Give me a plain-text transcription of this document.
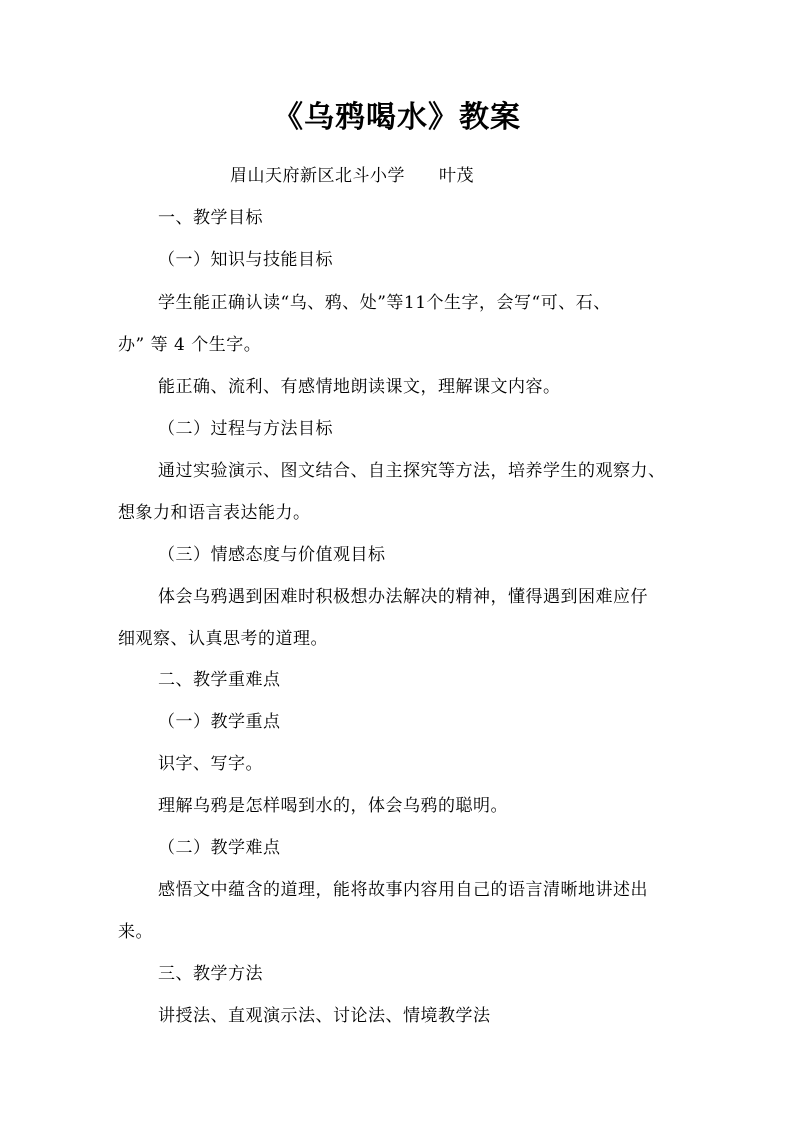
《乌鸦喝水》教案
眉山天府新区北斗小学 叶茂
一、教学目标
（一）知识与技能目标
学生能正确认读“乌、鸦、处”等11个生字，会写“可、石、
办” 等 4 个生字。
能正确、流利、有感情地朗读课文，理解课文内容。
（二）过程与方法目标
通过实验演示、图文结合、自主探究等方法，培养学生的观察力、
想象力和语言表达能力。
（三）情感态度与价值观目标
体会乌鸦遇到困难时积极想办法解决的精神，懂得遇到困难应仔
细观察、认真思考的道理。
二、教学重难点
（一）教学重点
识字、写字。
理解乌鸦是怎样喝到水的，体会乌鸦的聪明。
（二）教学难点
感悟文中蕴含的道理，能将故事内容用自己的语言清晰地讲述出
来。
三、教学方法
讲授法、直观演示法、讨论法、情境教学法
